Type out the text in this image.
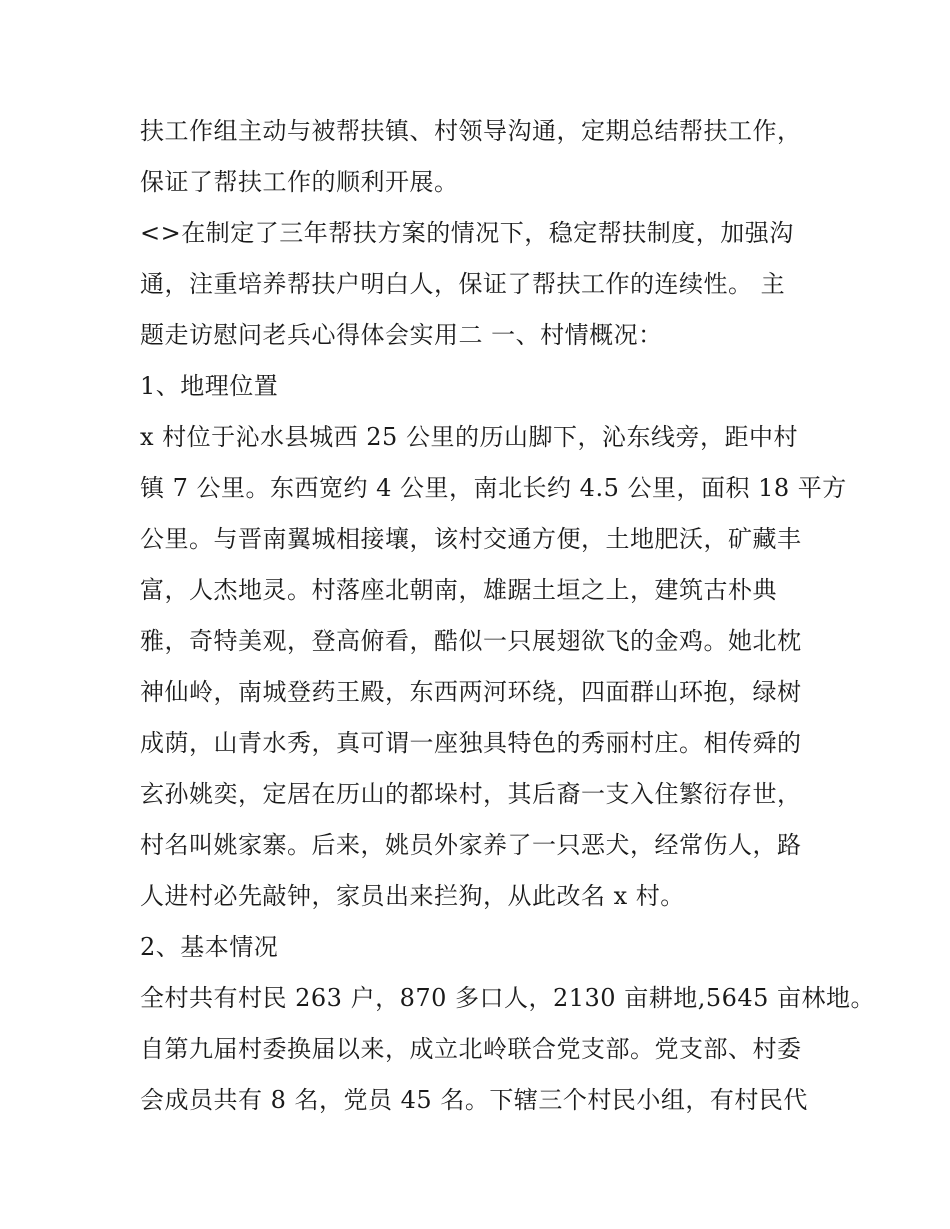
扶工作组主动与被帮扶镇、村领导沟通，定期总结帮扶工作，
保证了帮扶工作的顺利开展。
<>在制定了三年帮扶方案的情况下，稳定帮扶制度，加强沟
通，注重培养帮扶户明白人，保证了帮扶工作的连续性。 主
题走访慰问老兵心得体会实用二 一、村情概况：
1、地理位置
x 村位于沁水县城西 25 公里的历山脚下，沁东线旁，距中村
镇 7 公里。东西宽约 4 公里，南北长约 4.5 公里，面积 18 平方
公里。与晋南翼城相接壤，该村交通方便，土地肥沃，矿藏丰
富，人杰地灵。村落座北朝南，雄踞土垣之上，建筑古朴典
雅，奇特美观，登高俯看，酷似一只展翅欲飞的金鸡。她北枕
神仙岭，南城登药王殿，东西两河环绕，四面群山环抱，绿树
成荫，山青水秀，真可谓一座独具特色的秀丽村庄。相传舜的
玄孙姚奕，定居在历山的都垛村，其后裔一支入住繁衍存世，
村名叫姚家寨。后来，姚员外家养了一只恶犬，经常伤人，路
人进村必先敲钟，家员出来拦狗，从此改名 x 村。
2、基本情况
全村共有村民 263 户，870 多口人，2130 亩耕地,5645 亩林地。
自第九届村委换届以来，成立北岭联合党支部。党支部、村委
会成员共有 8 名，党员 45 名。下辖三个村民小组，有村民代
